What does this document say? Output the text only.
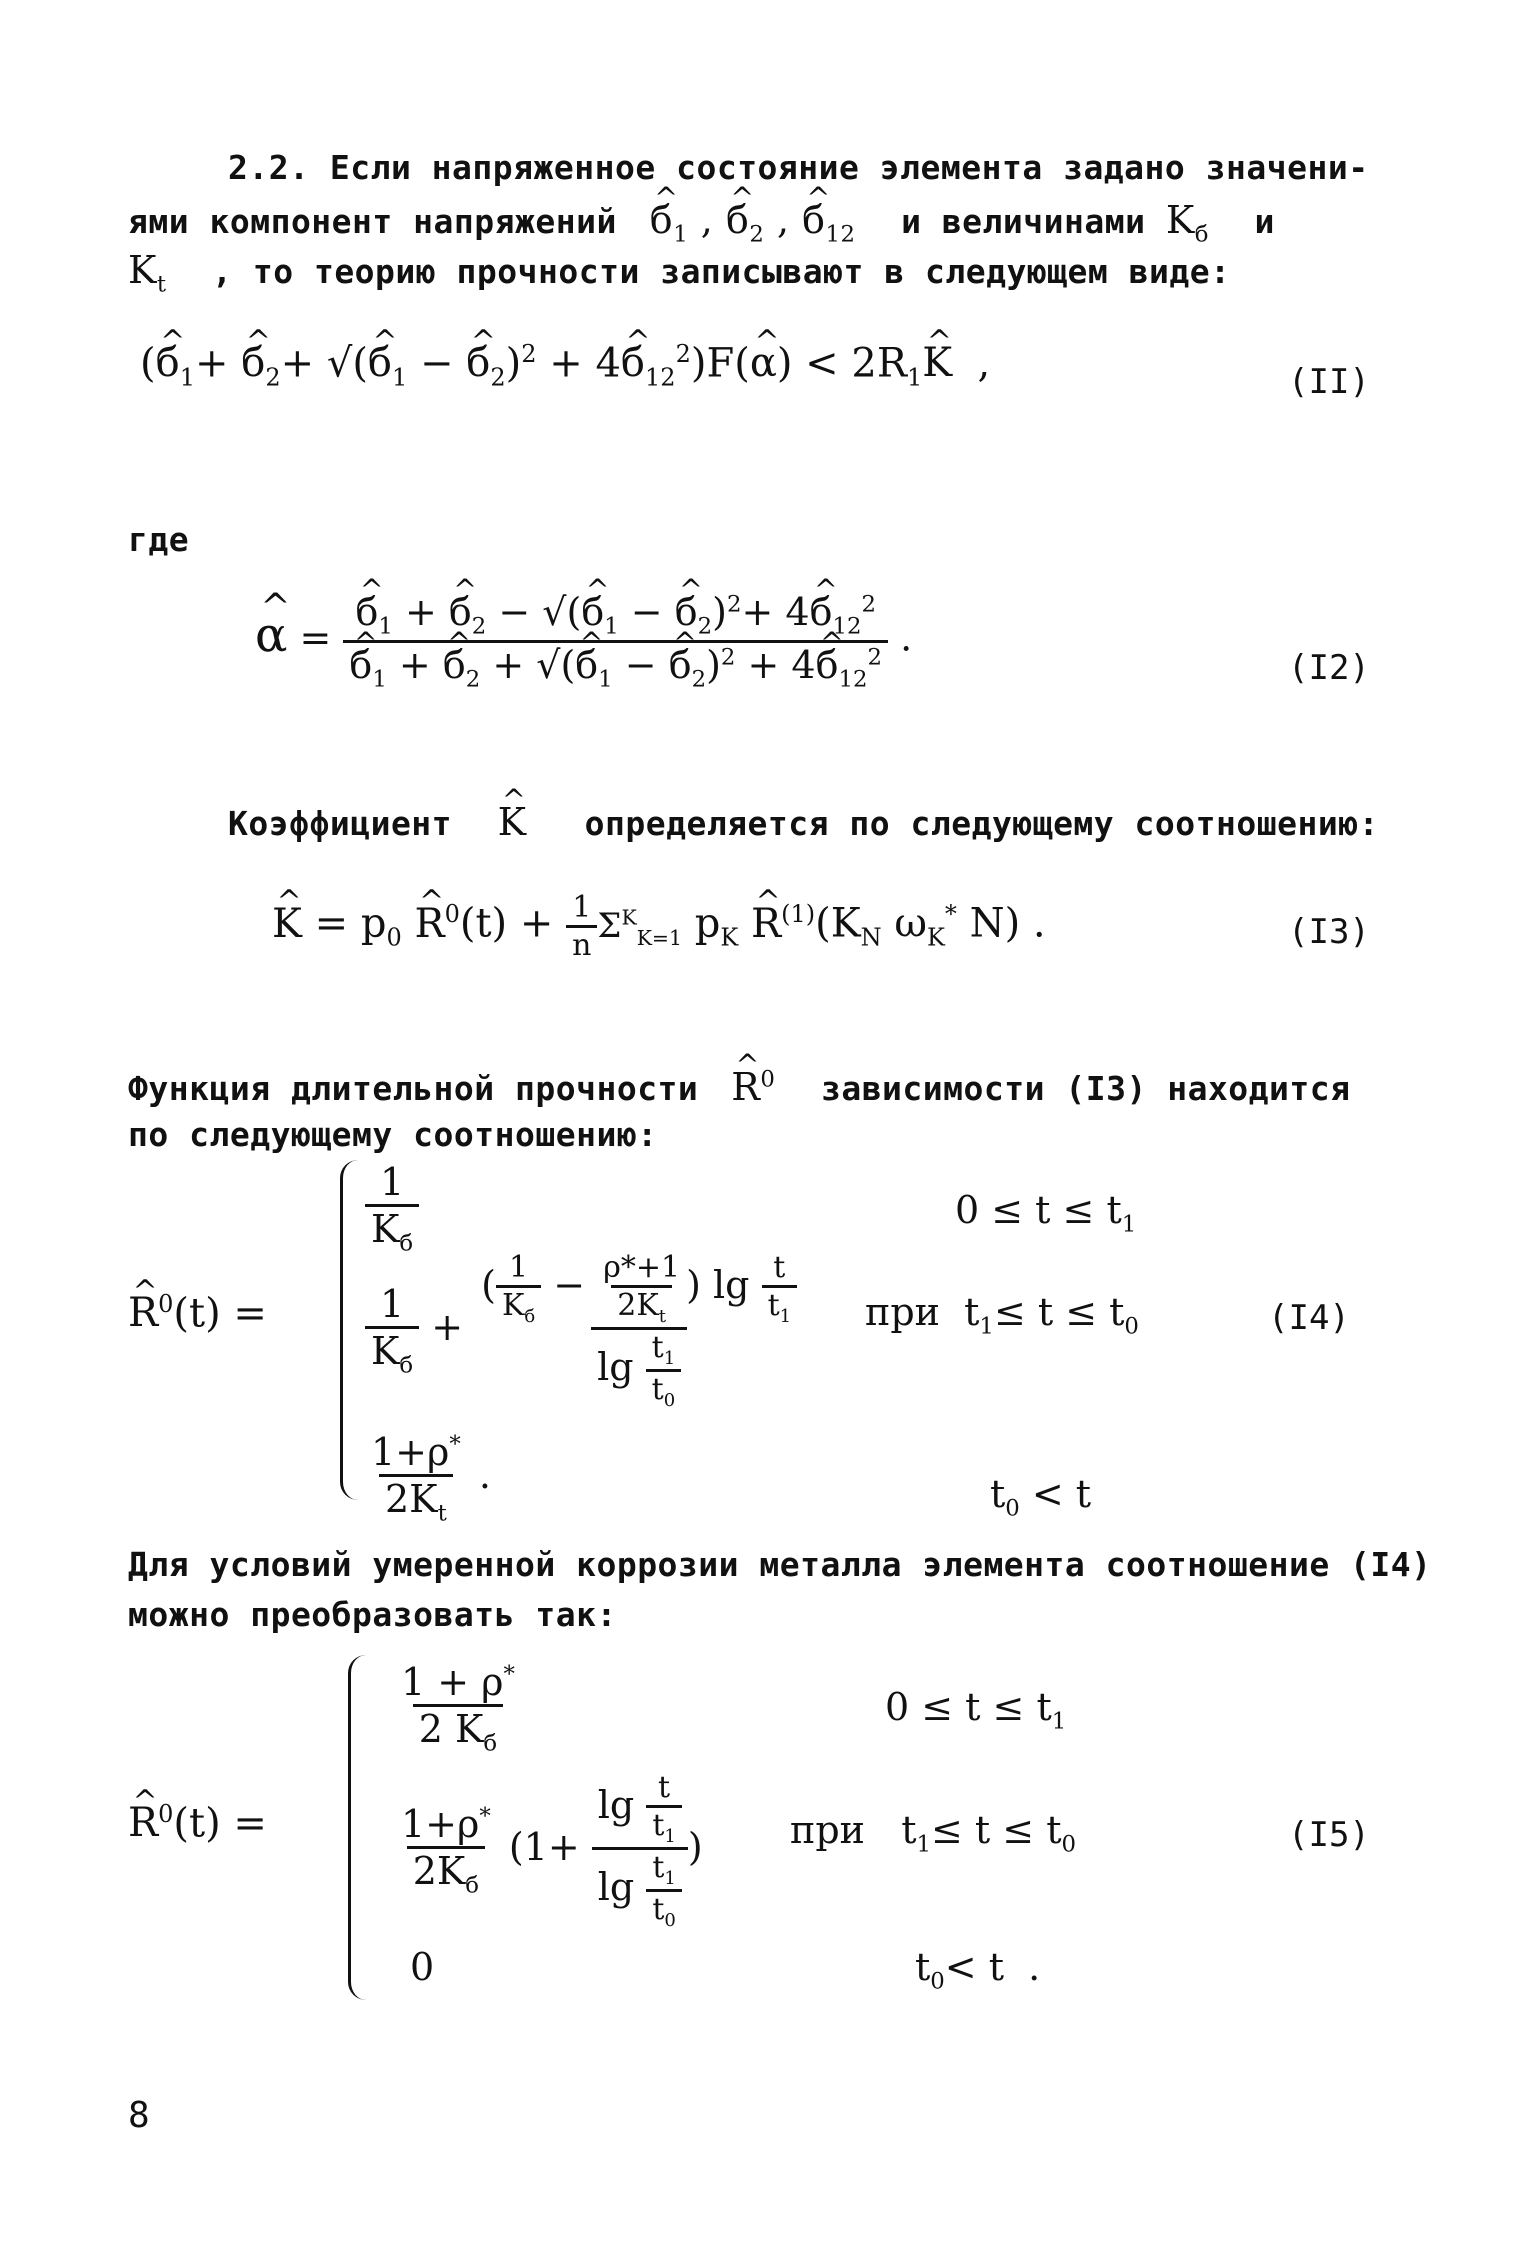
2.2. Если напряженное состояние элемента задано значени-
ями компонент напряжений ^ $б_1$ , ^ $б_2$ , ^ $б_{12}$ и величинами $K_б$ и
$K_t$ , то теорию прочности записывают в следующем виде:
(^ $б_1+$ ^ $б_2+$ √(^ $б_1$ − ^ $б_2)^2$ + 4^ $б_{12}^2)F(\^{}$ $\alpha) < 2R_1\^{}$ K  ,	(II)
где
^ α = ^ $б_1$ + ^ $б_2$ − √(^ $б_1$ − ^ $б_2)^2+$ 4^ $б_{12}^2$
^ $б_1$ + ^ $б_2$ + √(^ $б_1$ − ^ $б_2)^2$ + 4^ $б_{12}^2$ .
(I2)
Коэффициент ^ K определяется по следующему соотношению:
^ $K = p_0$ ^ $R^0(t) + \frac{1}{n} \Sigma^K_{K=1}$ $p_K$ ^ $R^{(1)}(K_N$ $\omega_K^*$ N) .	(I3)
Функция длительной прочности ^ $R^0$ зависимости (I3) находится
по следующему соотношению:
^ $R^0(t)$ =
$\frac{1}{K_б}$	$0 \le t \le t_1$
$\frac{1}{K_б} + \frac{( \frac{1}{K_б} - \frac{\rho*+1}{2K_t} ) \lg \frac{t}{t_1}}{\lg \frac{t_1}{t_0}}$ при  $t_1\le t \le t_0$	(I4)
$\frac{1+\rho^*}{2K_t}$ .	$t_0 < t$
Для условий умеренной коррозии металла элемента соотношение (I4)
можно преобразовать так:
^ $R^0(t)$ =
$\frac{1 + \rho^*}{2 K_б}$	$0 \le t \le t_1$
$\frac{1+\rho^*}{2K_б} (1+ \frac{\lg \frac{t}{t_1}}{\lg \frac{t_1}{t_0}}$ ) при   $t_1\le t \le t_0$	(I5)
0	$t_0< t$  .
8
